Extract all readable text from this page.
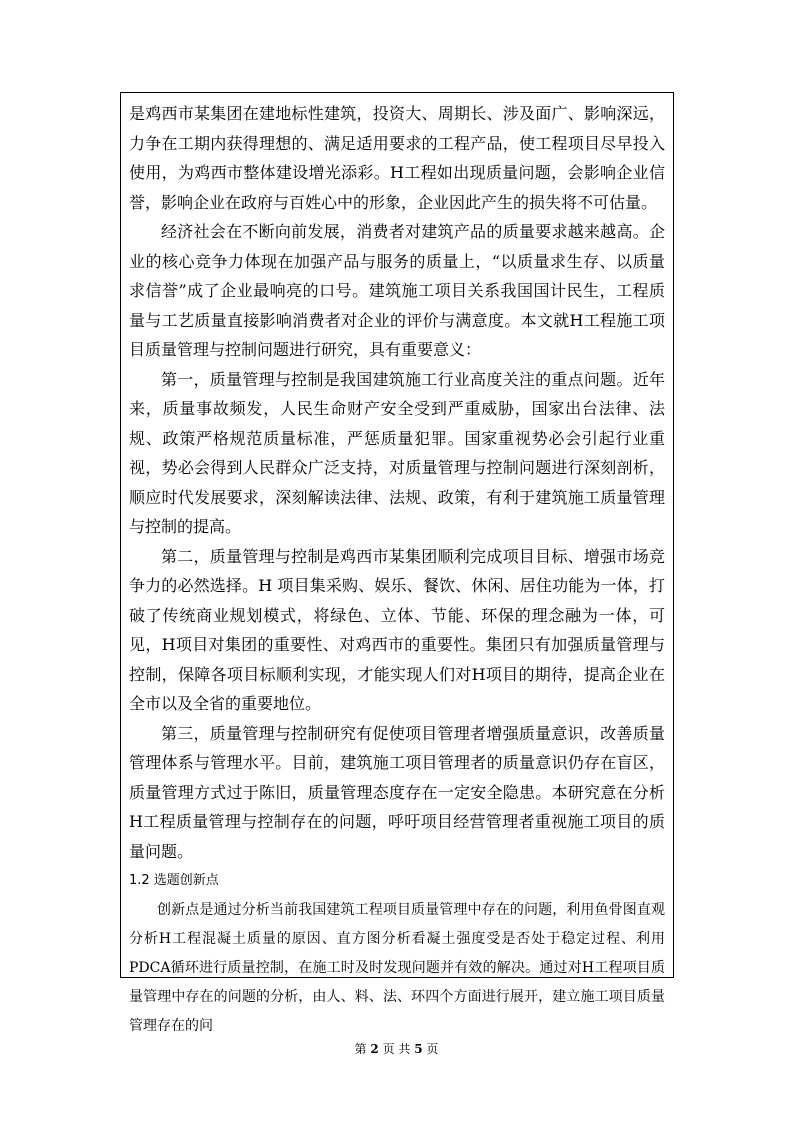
是鸡西市某集团在建地标性建筑，投资大、周期长、涉及面广、影响深远，力争在工期内获得理想的、满足适用要求的工程产品，使工程项目尽早投入使用，为鸡西市整体建设增光添彩。H工程如出现质量问题，会影响企业信誉，影响企业在政府与百姓心中的形象，企业因此产生的损失将不可估量。

经济社会在不断向前发展，消费者对建筑产品的质量要求越来越高。企业的核心竞争力体现在加强产品与服务的质量上，“以质量求生存、以质量求信誉”成了企业最响亮的口号。建筑施工项目关系我国国计民生，工程质量与工艺质量直接影响消费者对企业的评价与满意度。本文就H工程施工项目质量管理与控制问题进行研究，具有重要意义：

第一，质量管理与控制是我国建筑施工行业高度关注的重点问题。近年来，质量事故频发，人民生命财产安全受到严重威胁，国家出台法律、法规、政策严格规范质量标准，严惩质量犯罪。国家重视势必会引起行业重视，势必会得到人民群众广泛支持，对质量管理与控制问题进行深刻剖析，顺应时代发展要求，深刻解读法律、法规、政策，有利于建筑施工质量管理与控制的提高。

第二，质量管理与控制是鸡西市某集团顺利完成项目目标、增强市场竞争力的必然选择。H 项目集采购、娱乐、餐饮、休闲、居住功能为一体，打破了传统商业规划模式，将绿色、立体、节能、环保的理念融为一体，可见，H项目对集团的重要性、对鸡西市的重要性。集团只有加强质量管理与控制，保障各项目标顺利实现，才能实现人们对H项目的期待，提高企业在全市以及全省的重要地位。

第三，质量管理与控制研究有促使项目管理者增强质量意识，改善质量管理体系与管理水平。目前，建筑施工项目管理者的质量意识仍存在盲区，质量管理方式过于陈旧，质量管理态度存在一定安全隐患。本研究意在分析H工程质量管理与控制存在的问题，呼吁项目经营管理者重视施工项目的质量问题。

1.2 选题创新点

创新点是通过分析当前我国建筑工程项目质量管理中存在的问题，利用鱼骨图直观分析H工程混凝土质量的原因、直方图分析看凝土强度受是否处于稳定过程、利用PDCA循环进行质量控制，在施工时及时发现问题并有效的解决。通过对H工程项目质量管理中存在的问题的分析，由人、料、法、环四个方面进行展开，建立施工项目质量管理存在的问

第 2 页 共 5 页
